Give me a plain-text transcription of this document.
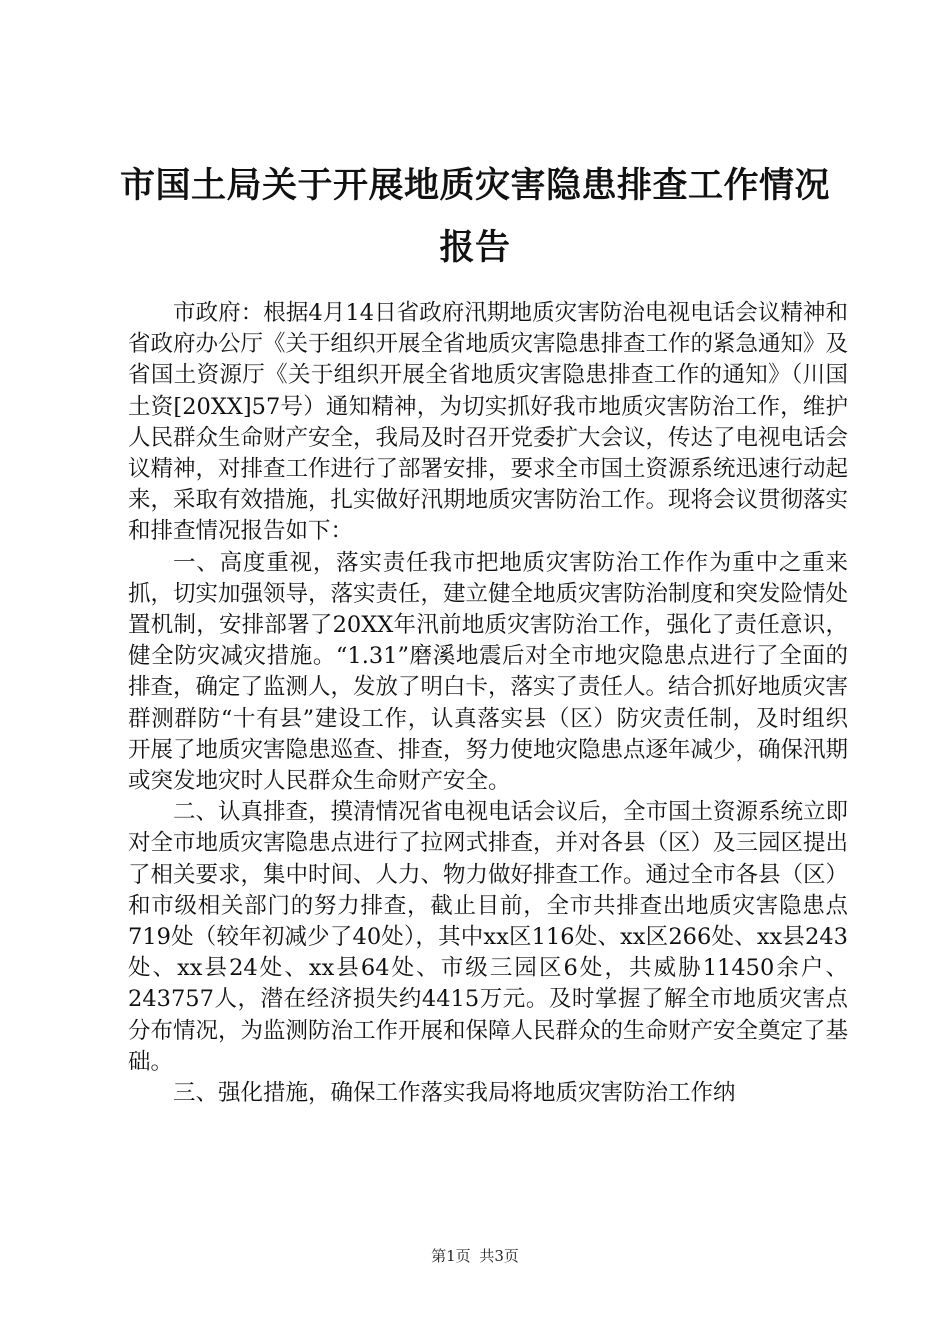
市国土局关于开展地质灾害隐患排查工作情况
报告

市政府：根据4月14日省政府汛期地质灾害防治电视电话会议精神和省政府办公厅《关于组织开展全省地质灾害隐患排查工作的紧急通知》及省国土资源厅《关于组织开展全省地质灾害隐患排查工作的通知》（川国土资[20XX]57号）通知精神，为切实抓好我市地质灾害防治工作，维护人民群众生命财产安全，我局及时召开党委扩大会议，传达了电视电话会议精神，对排查工作进行了部署安排，要求全市国土资源系统迅速行动起来，采取有效措施，扎实做好汛期地质灾害防治工作。现将会议贯彻落实和排查情况报告如下：

一、高度重视，落实责任我市把地质灾害防治工作作为重中之重来抓，切实加强领导，落实责任，建立健全地质灾害防治制度和突发险情处置机制，安排部署了20XX年汛前地质灾害防治工作，强化了责任意识，健全防灾减灾措施。“1.31”磨溪地震后对全市地灾隐患点进行了全面的排查，确定了监测人，发放了明白卡，落实了责任人。结合抓好地质灾害群测群防“十有县”建设工作，认真落实县（区）防灾责任制，及时组织开展了地质灾害隐患巡查、排查，努力使地灾隐患点逐年减少，确保汛期或突发地灾时人民群众生命财产安全。

二、认真排查，摸清情况省电视电话会议后，全市国土资源系统立即对全市地质灾害隐患点进行了拉网式排查，并对各县（区）及三园区提出了相关要求，集中时间、人力、物力做好排查工作。通过全市各县（区）和市级相关部门的努力排查，截止目前，全市共排查出地质灾害隐患点719处（较年初减少了40处），其中xx区116处、xx区266处、xx县243处、xx县24处、xx县64处、市级三园区6处，共威胁11450余户、243757人，潜在经济损失约4415万元。及时掌握了解全市地质灾害点分布情况，为监测防治工作开展和保障人民群众的生命财产安全奠定了基础。

三、强化措施，确保工作落实我局将地质灾害防治工作纳

第1页 共3页
